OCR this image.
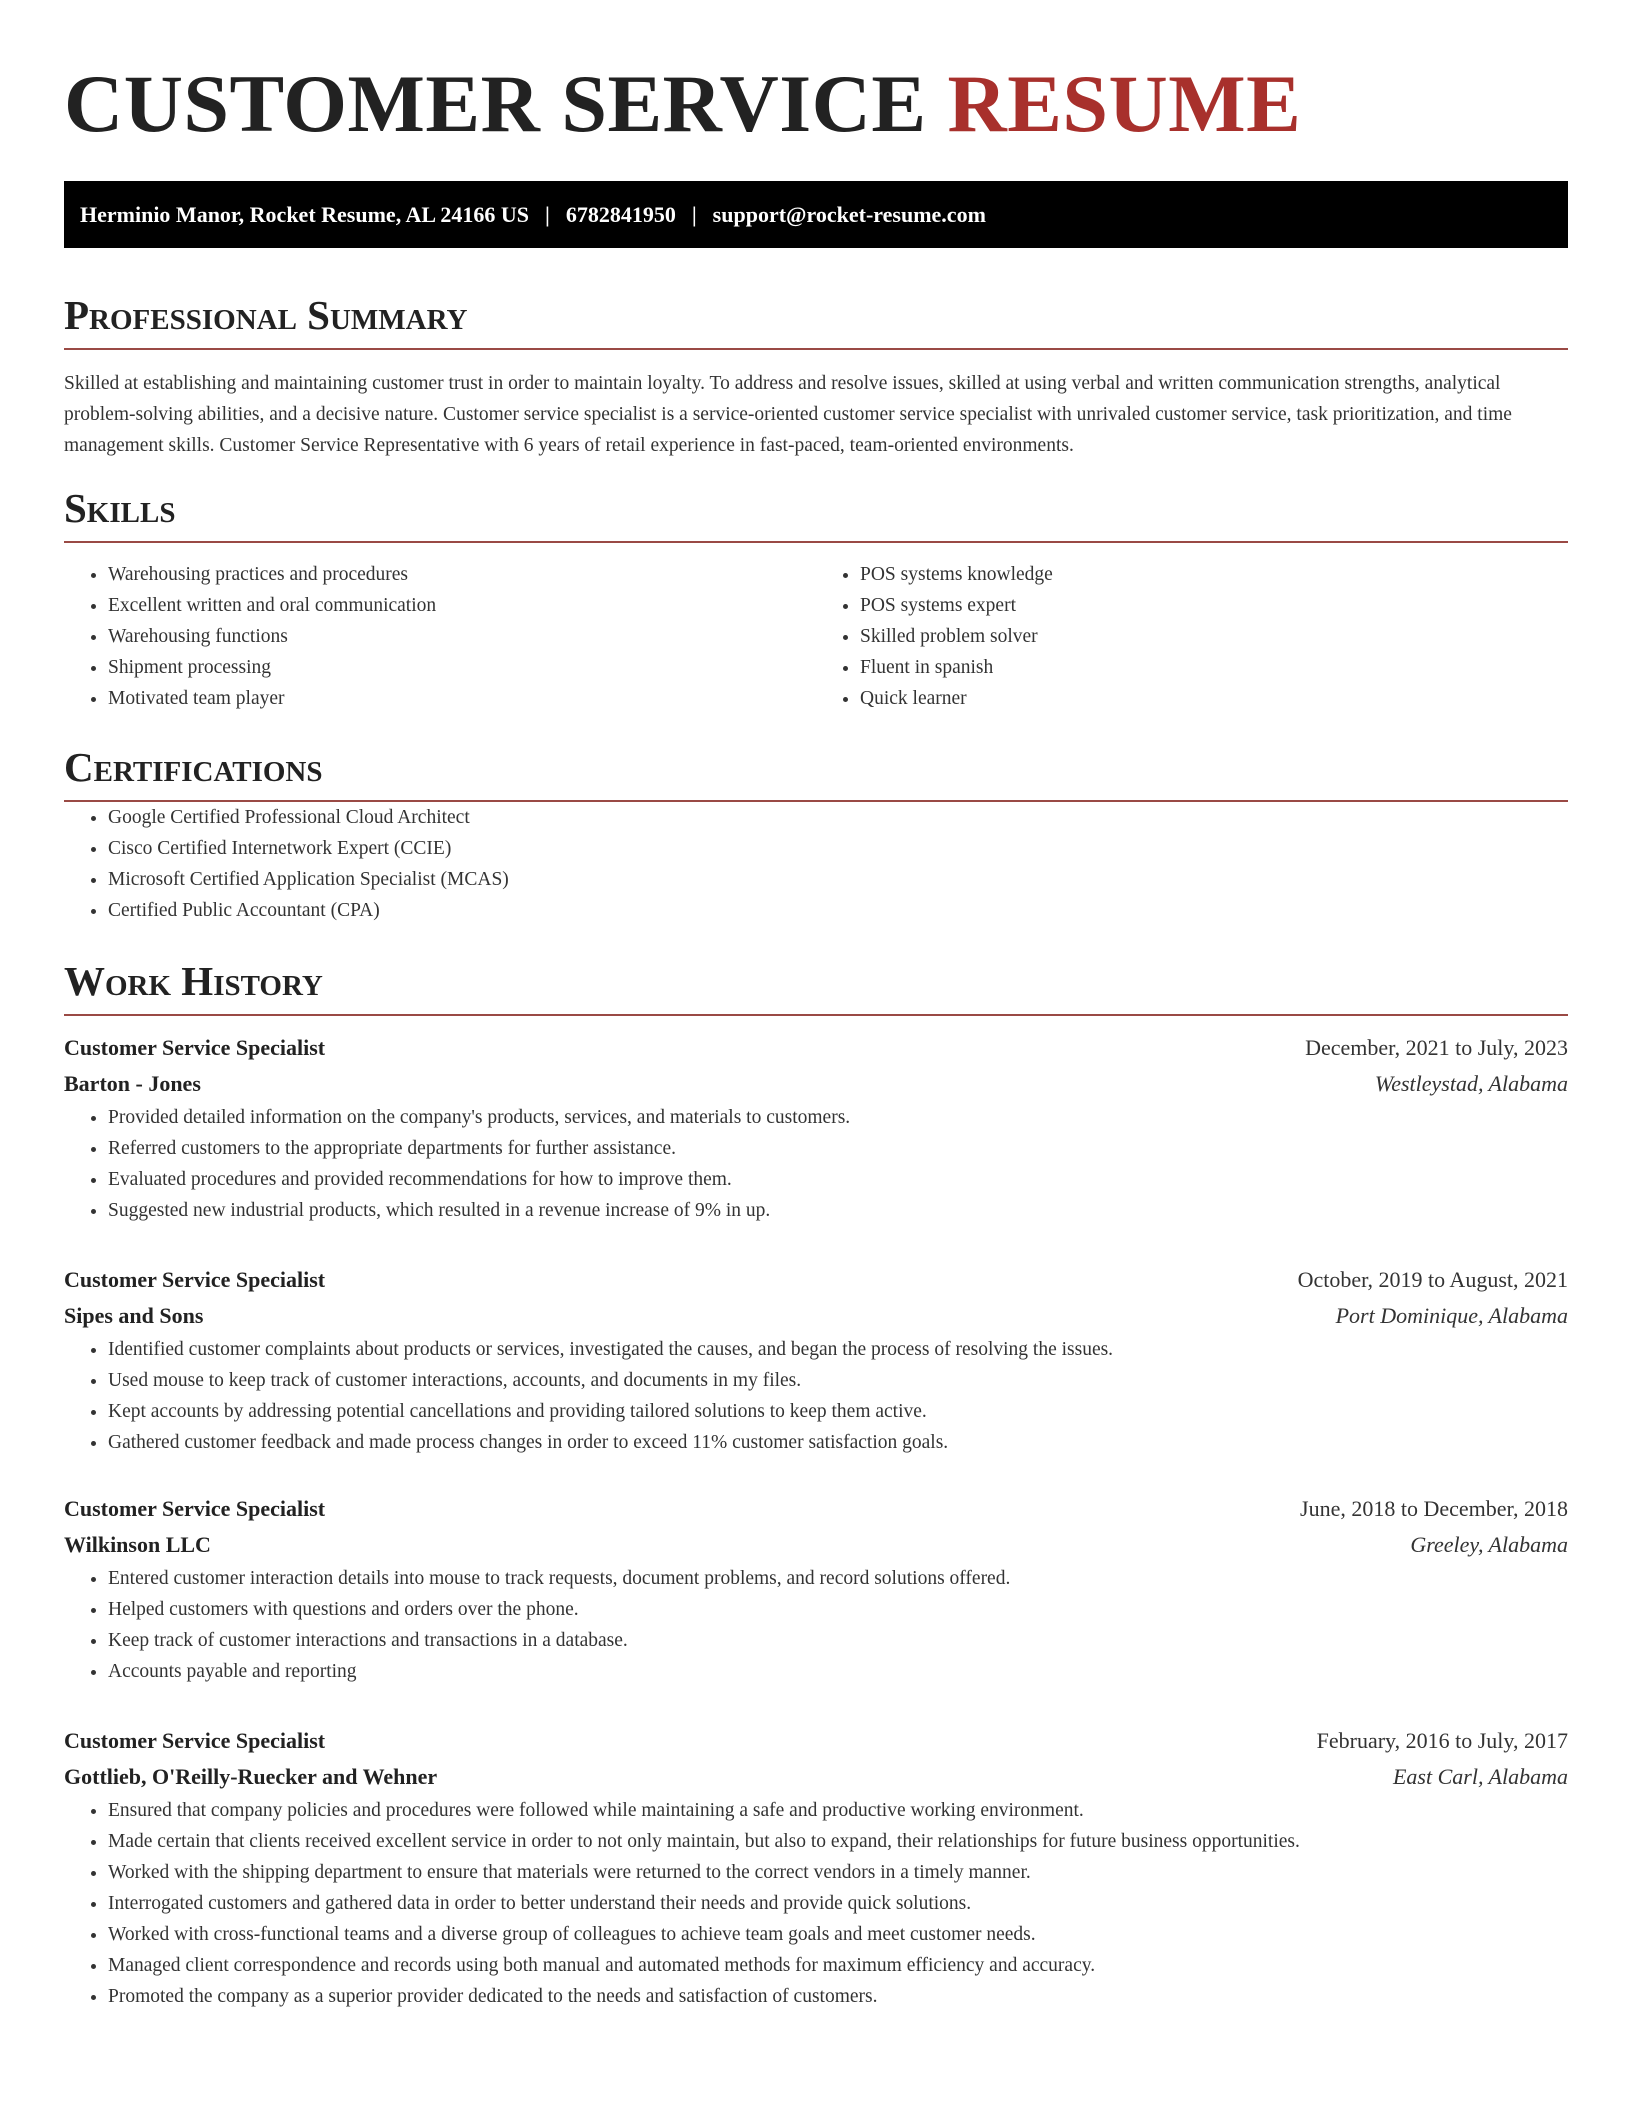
CUSTOMER SERVICE RESUME
Herminio Manor, Rocket Resume, AL 24166 US | 6782841950 | support@rocket-resume.com
Professional Summary

Skilled at establishing and maintaining customer trust in order to maintain loyalty. To address and resolve issues, skilled at using verbal and written communication strengths, analytical problem-solving abilities, and a decisive nature. Customer service specialist is a service-oriented customer service specialist with unrivaled customer service, task prioritization, and time management skills. Customer Service Representative with 6 years of retail experience in fast-paced, team-oriented environments.

Skills
• Warehousing practices and procedures
• Excellent written and oral communication
• Warehousing functions
• Shipment processing
• Motivated team player
• POS systems knowledge
• POS systems expert
• Skilled problem solver
• Fluent in spanish
• Quick learner
Certifications
• Google Certified Professional Cloud Architect
• Cisco Certified Internetwork Expert (CCIE)
• Microsoft Certified Application Specialist (MCAS)
• Certified Public Accountant (CPA)
Work History
Customer Service Specialist	December, 2021 to July, 2023
Barton - Jones	Westleystad, Alabama
• Provided detailed information on the company's products, services, and materials to customers.
• Referred customers to the appropriate departments for further assistance.
• Evaluated procedures and provided recommendations for how to improve them.
• Suggested new industrial products, which resulted in a revenue increase of 9% in up.
Customer Service Specialist	October, 2019 to August, 2021
Sipes and Sons	Port Dominique, Alabama
• Identified customer complaints about products or services, investigated the causes, and began the process of resolving the issues.
• Used mouse to keep track of customer interactions, accounts, and documents in my files.
• Kept accounts by addressing potential cancellations and providing tailored solutions to keep them active.
• Gathered customer feedback and made process changes in order to exceed 11% customer satisfaction goals.
Customer Service Specialist	June, 2018 to December, 2018
Wilkinson LLC	Greeley, Alabama
• Entered customer interaction details into mouse to track requests, document problems, and record solutions offered.
• Helped customers with questions and orders over the phone.
• Keep track of customer interactions and transactions in a database.
• Accounts payable and reporting
Customer Service Specialist	February, 2016 to July, 2017
Gottlieb, O'Reilly-Ruecker and Wehner	East Carl, Alabama
• Ensured that company policies and procedures were followed while maintaining a safe and productive working environment.
• Made certain that clients received excellent service in order to not only maintain, but also to expand, their relationships for future business opportunities.
• Worked with the shipping department to ensure that materials were returned to the correct vendors in a timely manner.
• Interrogated customers and gathered data in order to better understand their needs and provide quick solutions.
• Worked with cross-functional teams and a diverse group of colleagues to achieve team goals and meet customer needs.
• Managed client correspondence and records using both manual and automated methods for maximum efficiency and accuracy.
• Promoted the company as a superior provider dedicated to the needs and satisfaction of customers.
